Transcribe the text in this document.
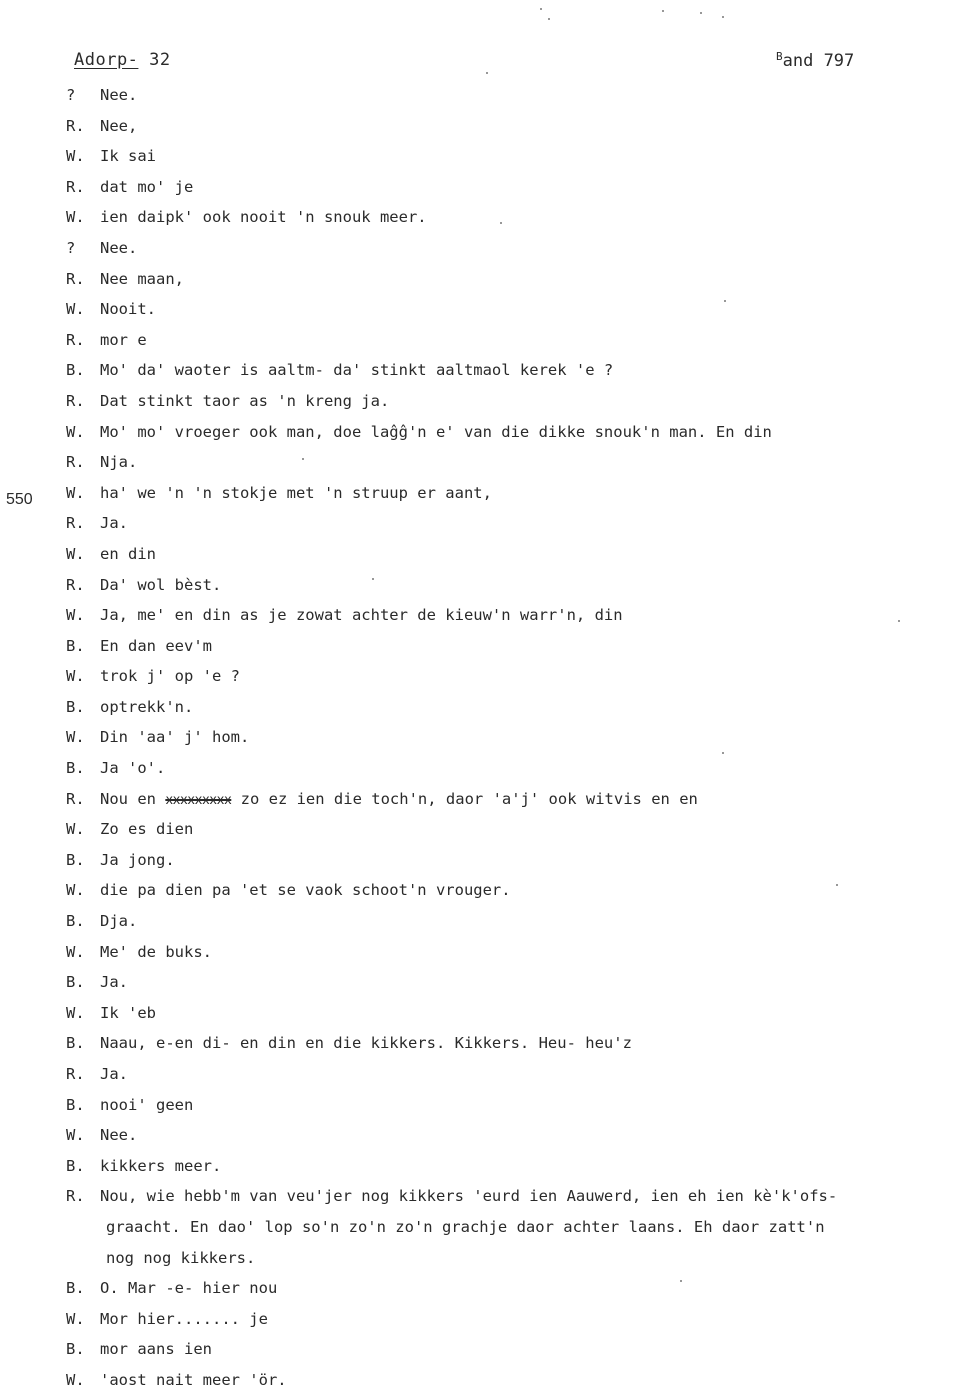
Adorp- 32	$^B$and 797
550
?	Nee.
R. Nee,
W. Ik sai
R. dat mo' je
W. ien daipk' ook nooit 'n snouk meer.
?	Nee.
R. Nee maan,
W. Nooit.
R. mor e
B. Mo' da' waoter is aaltm- da' stinkt aaltmaol kerek 'e ?
R. Dat stinkt taor as 'n kreng ja.
W. Mo' mo' vroeger ook man, doe laĝĝ'n e' van die dikke snouk'n man. En din
R. Nja.
W. ha' we 'n 'n stokje met 'n struup er aant,
R. Ja.
W. en din
R. Da' wol bèst.
W. Ja, me' en din as je zowat achter de kieuw'n warr'n, din
B. En dan eev'm
W. trok j' op 'e ?
B. optrekk'n.
W. Din 'aa' j' hom.
B. Ja 'o'.
R. Nou en xxxxxxxxx zo ez ien die toch'n, daor 'a'j' ook witvis en en
W. Zo es dien
B. Ja jong.
W. die pa dien pa 'et se vaok schoot'n vrouger.
B. Dja.
W. Me' de buks.
B. Ja.
W. Ik 'eb
B. Naau, e-en di- en din en die kikkers. Kikkers. Heu- heu'z
R. Ja.
B. nooi' geen
W. Nee.
B. kikkers meer.
R. Nou, wie hebb'm van veu'jer nog kikkers 'eurd ien Aauwerd, ien eh ien kè'k'ofs-
graacht. En dao' lop so'n zo'n zo'n grachje daor achter laans. Eh daor zatt'n
nog nog kikkers.
B. O. Mar -e- hier nou
W. Mor hier....... je
B. mor aans ien
W. 'aost nait meer 'ör.
